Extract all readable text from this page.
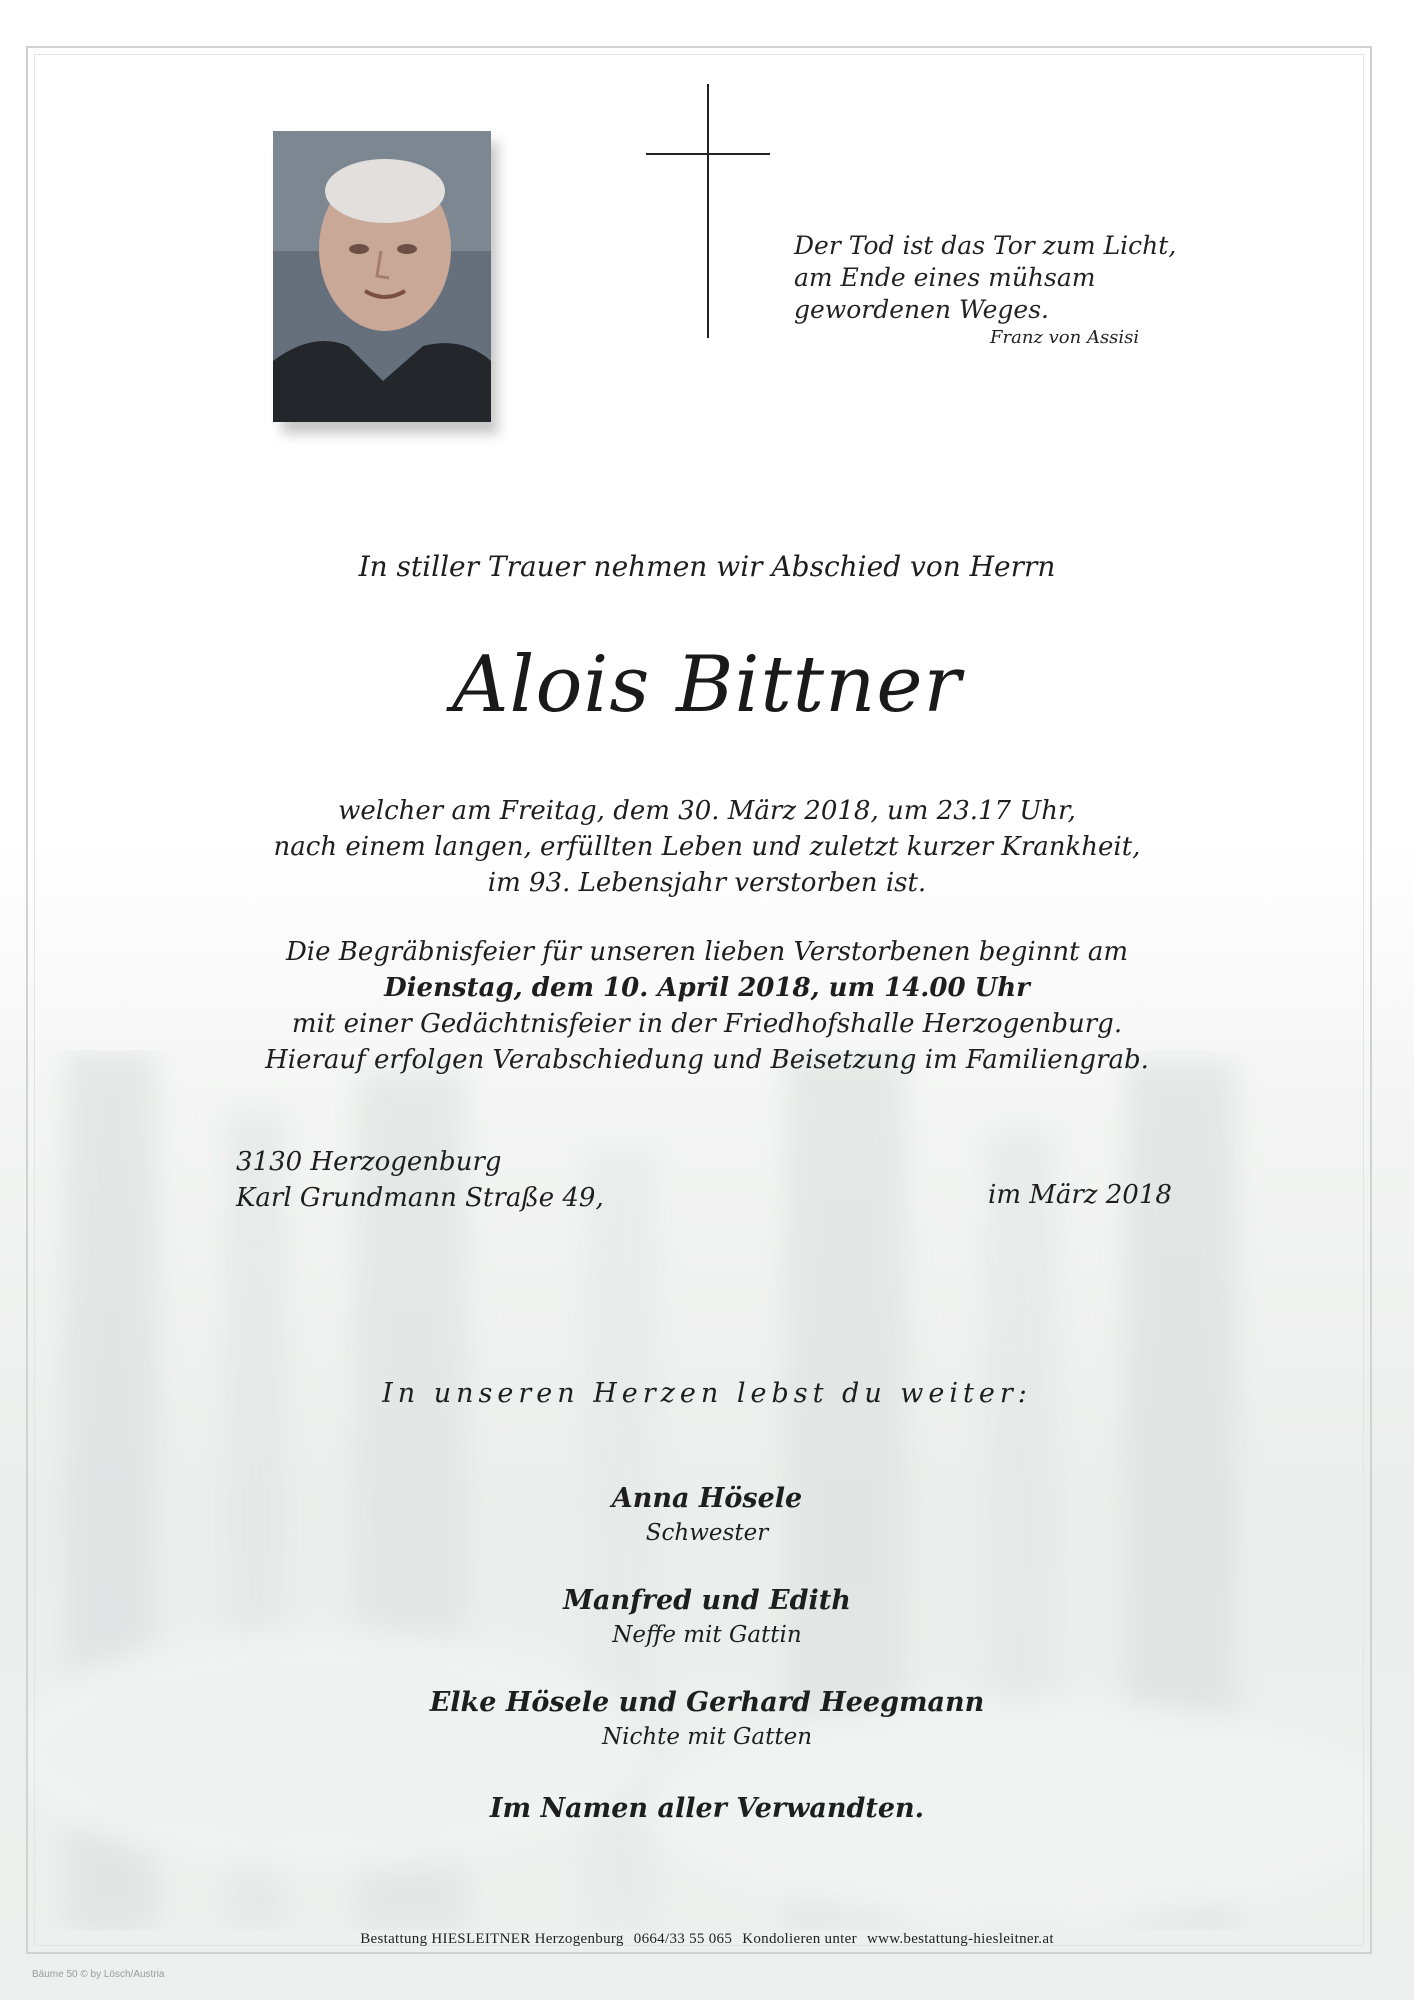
Der Tod ist das Tor zum Licht,
am Ende eines mühsam
gewordenen Weges.
Franz von Assisi
In stiller Trauer nehmen wir Abschied von Herrn
Alois Bittner
welcher am Freitag, dem 30. März 2018, um 23.17 Uhr,
nach einem langen, erfüllten Leben und zuletzt kurzer Krankheit,
im 93. Lebensjahr verstorben ist.
Die Begräbnisfeier für unseren lieben Verstorbenen beginnt am
Dienstag, dem 10. April 2018, um 14.00 Uhr
mit einer Gedächtnisfeier in der Friedhofshalle Herzogenburg.
Hierauf erfolgen Verabschiedung und Beisetzung im Familiengrab.
3130 Herzogenburg
Karl Grundmann Straße 49,	im März 2018
In unseren Herzen lebst du weiter:
Anna Hösele
Schwester
Manfred und Edith
Neffe mit Gattin
Elke Hösele und Gerhard Heegmann
Nichte mit Gatten
Im Namen aller Verwandten.
Bestattung HIESLEITNER Herzogenburg 0664/33 55 065 Kondolieren unter www.bestattung-hiesleitner.at
Bäume 50 © by Lösch/Austria
